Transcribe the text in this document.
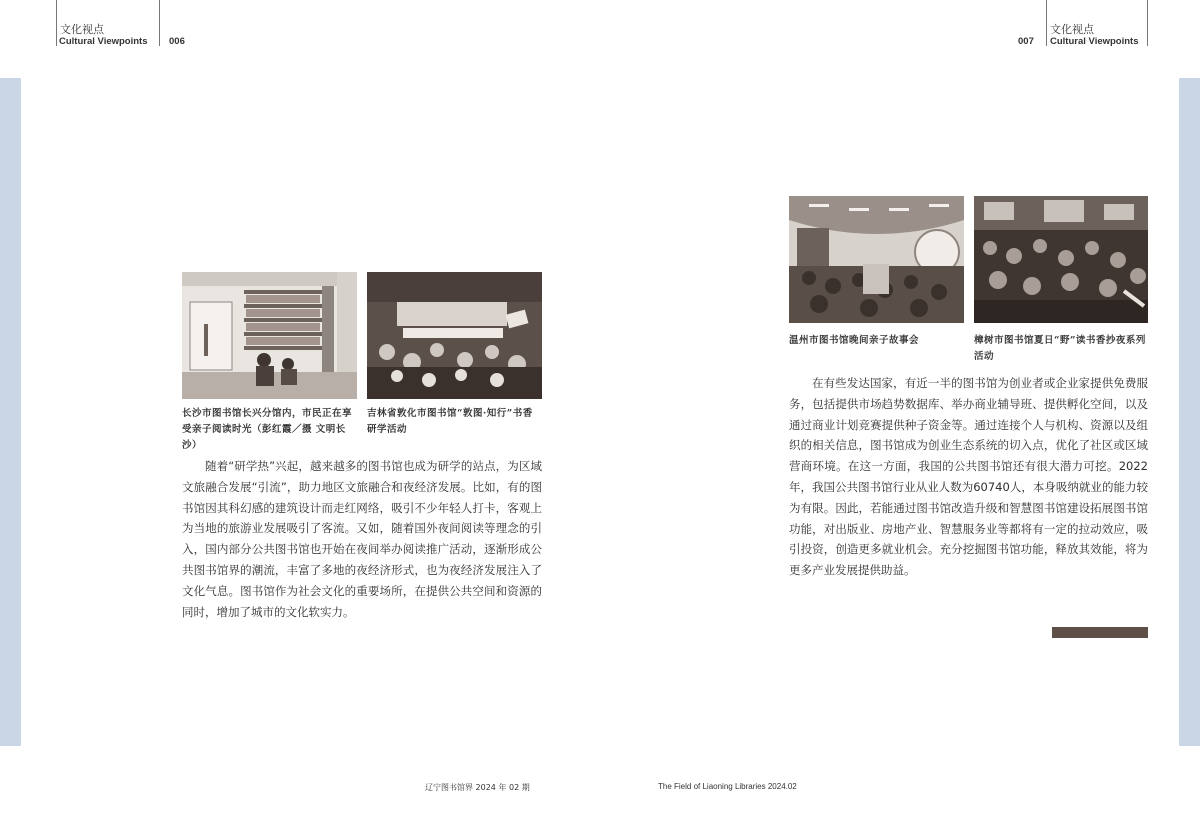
文化视点
Cultural Viewpoints 006	007
文化视点
Cultural Viewpoints
长沙市图书馆长兴分馆内，市民正在享受亲子阅读时光（彭红霞／摄 文明长沙）
吉林省敦化市图书馆“敦图·知行”书香研学活动
随着“研学热”兴起，越来越多的图书馆也成为研学的站点，为区域文旅融合发展“引流”，助力地区文旅融合和夜经济发展。比如，有的图书馆因其科幻感的建筑设计而走红网络，吸引不少年轻人打卡，客观上为当地的旅游业发展吸引了客流。又如，随着国外夜间阅读等理念的引入，国内部分公共图书馆也开始在夜间举办阅读推广活动，逐渐形成公共图书馆界的潮流，丰富了多地的夜经济形式，也为夜经济发展注入了文化气息。图书馆作为社会文化的重要场所，在提供公共空间和资源的同时，增加了城市的文化软实力。
温州市图书馆晚间亲子故事会	樟树市图书馆夏日“野”读书香抄夜系列活动
在有些发达国家，有近一半的图书馆为创业者或企业家提供免费服务，包括提供市场趋势数据库、举办商业辅导班、提供孵化空间，以及通过商业计划竞赛提供种子资金等。通过连接个人与机构、资源以及组织的相关信息，图书馆成为创业生态系统的切入点，优化了社区或区域营商环境。在这一方面，我国的公共图书馆还有很大潜力可挖。2022年，我国公共图书馆行业从业人数为60740人，本身吸纳就业的能力较为有限。因此，若能通过图书馆改造升级和智慧图书馆建设拓展图书馆功能，对出版业、房地产业、智慧服务业等都将有一定的拉动效应，吸引投资，创造更多就业机会。充分挖掘图书馆功能，释放其效能，将为更多产业发展提供助益。
辽宁图书馆界 2024 年 02 期	The Field of Liaoning Libraries 2024.02
